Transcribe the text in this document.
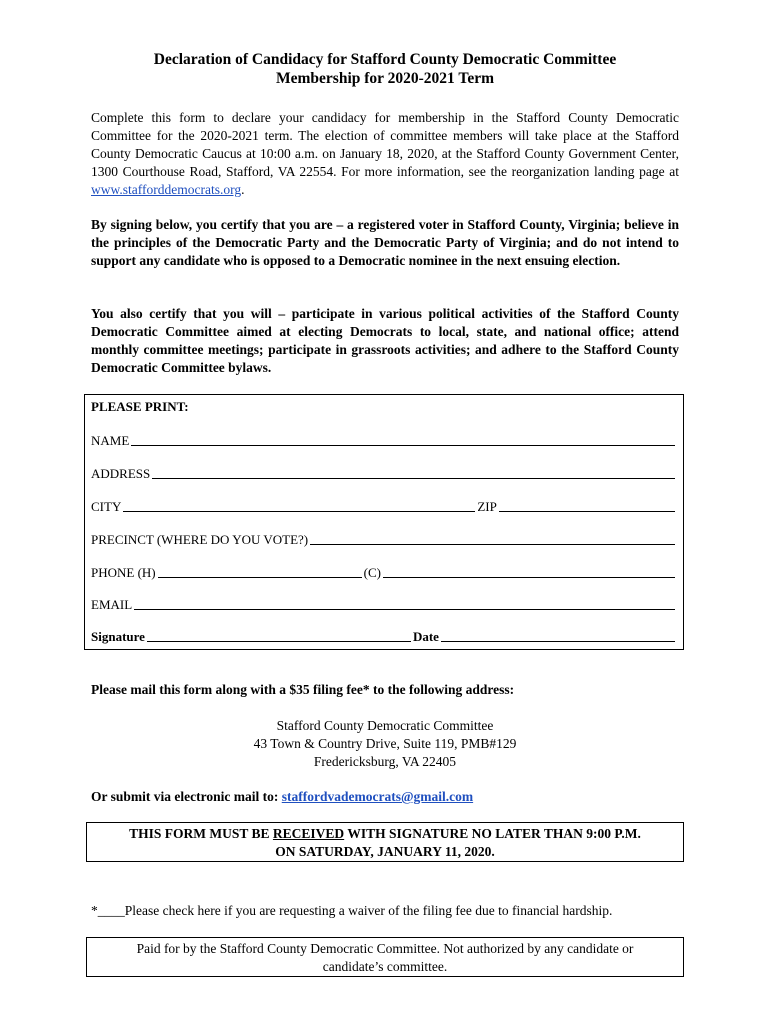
Declaration of Candidacy for Stafford County Democratic Committee
Membership for 2020-2021 Term
Complete this form to declare your candidacy for membership in the Stafford County Democratic Committee for the 2020-2021 term. The election of committee members will take place at the Stafford County Democratic Caucus at 10:00 a.m. on January 18, 2020, at the Stafford County Government Center, 1300 Courthouse Road, Stafford, VA 22554. For more information, see the reorganization landing page at www.stafforddemocrats.org.
By signing below, you certify that you are – a registered voter in Stafford County, Virginia; believe in the principles of the Democratic Party and the Democratic Party of Virginia; and do not intend to support any candidate who is opposed to a Democratic nominee in the next ensuing election.
You also certify that you will – participate in various political activities of the Stafford County Democratic Committee aimed at electing Democrats to local, state, and national office; attend monthly committee meetings; participate in grassroots activities; and adhere to the Stafford County Democratic Committee bylaws.
PLEASE PRINT:
NAME
ADDRESS
CITY	ZIP
PRECINCT (WHERE DO YOU VOTE?)
PHONE (H)	(C)
EMAIL
Signature	Date
Please mail this form along with a $35 filing fee* to the following address:
Stafford County Democratic Committee
43 Town & Country Drive, Suite 119, PMB#129
Fredericksburg, VA 22405
Or submit via electronic mail to: staffordvademocrats@gmail.com
THIS FORM MUST BE RECEIVED WITH SIGNATURE NO LATER THAN 9:00 P.M.
ON SATURDAY, JANUARY 11, 2020.
*____Please check here if you are requesting a waiver of the filing fee due to financial hardship.
Paid for by the Stafford County Democratic Committee. Not authorized by any candidate or
candidate’s committee.
